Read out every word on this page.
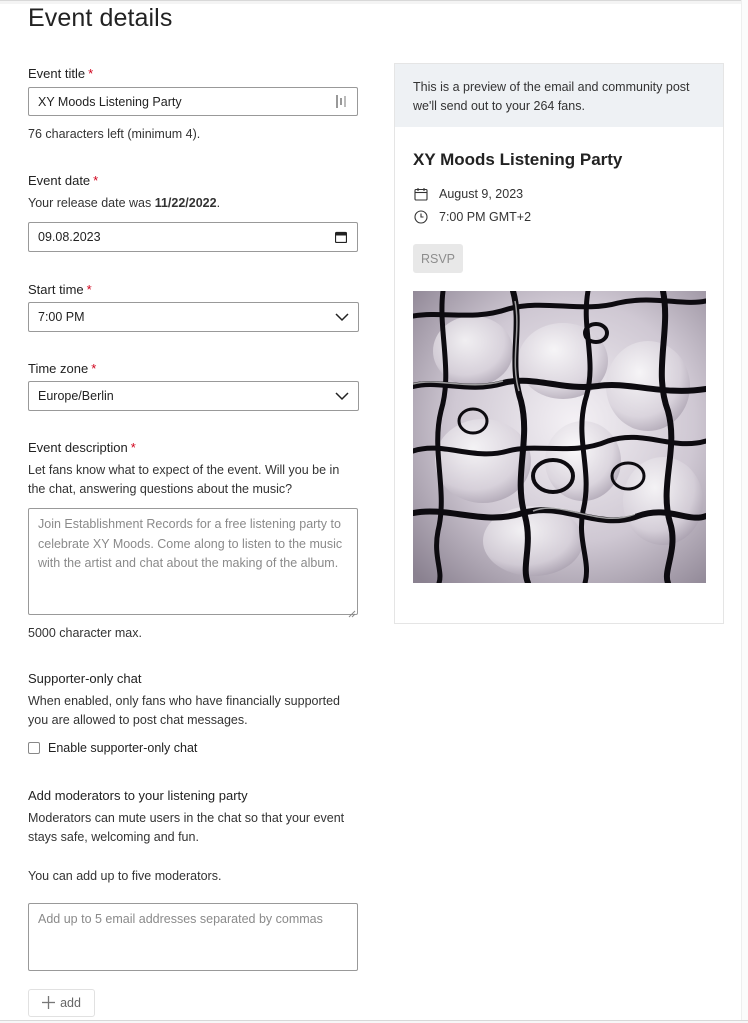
Event details
Event title *
XY Moods Listening Party
76 characters left (minimum 4).
Event date *
Your release date was 11/22/2022.
09.08.2023
Start time *
7:00 PM
Time zone *
Europe/Berlin
Event description *
Let fans know what to expect of the event. Will you be in the chat, answering questions about the music?
Join Establishment Records for a free listening party to celebrate XY Moods. Come along to listen to the music with the artist and chat about the making of the album.
5000 character max.
Supporter-only chat
When enabled, only fans who have financially supported you are allowed to post chat messages.
Enable supporter-only chat
Add moderators to your listening party
Moderators can mute users in the chat so that your event stays safe, welcoming and fun.
You can add up to five moderators.
Add up to 5 email addresses separated by commas
add
This is a preview of the email and community post we'll send out to your 264 fans.
XY Moods Listening Party
August 9, 2023
7:00 PM GMT+2
RSVP
